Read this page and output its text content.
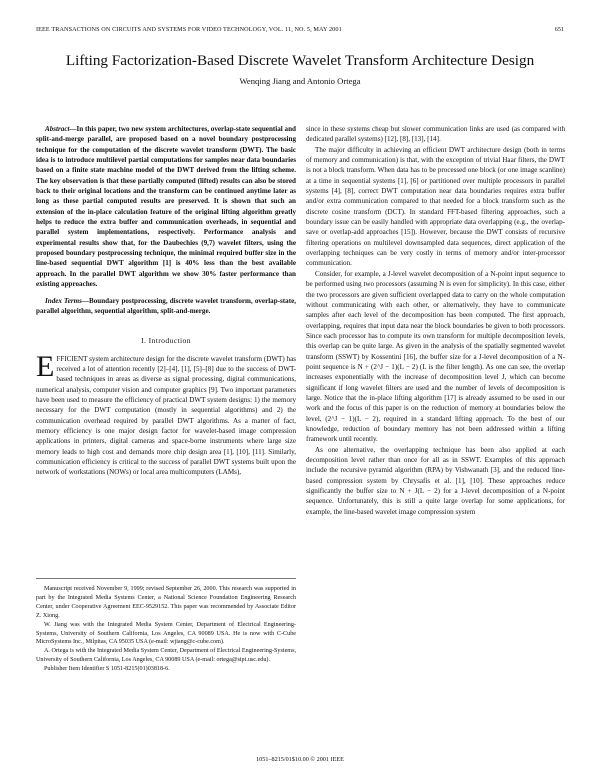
IEEE TRANSACTIONS ON CIRCUITS AND SYSTEMS FOR VIDEO TECHNOLOGY, VOL. 11, NO. 5, MAY 2001	651
Lifting Factorization-Based Discrete Wavelet Transform Architecture Design
Wenqing Jiang and Antonio Ortega

Abstract—In this paper, two new system architectures, overlap-state sequential and split-and-merge parallel, are proposed based on a novel boundary postprocessing technique for the computation of the discrete wavelet transform (DWT). The basic idea is to introduce multilevel partial computations for samples near data boundaries based on a finite state machine model of the DWT derived from the lifting scheme. The key observation is that these partially computed (lifted) results can also be stored back to their original locations and the transform can be continued anytime later as long as these partial computed results are preserved. It is shown that such an extension of the in-place calculation feature of the original lifting algorithm greatly helps to reduce the extra buffer and communication overheads, in sequential and parallel system implementations, respectively. Performance analysis and experimental results show that, for the Daubechies (9,7) wavelet filters, using the proposed boundary postprocessing technique, the minimal required buffer size in the line-based sequential DWT algorithm [1] is 40% less than the best available approach. In the parallel DWT algorithm we show 30% faster performance than existing approaches.

Index Terms—Boundary postprocessing, discrete wavelet transform, overlap-state, parallel algorithm, sequential algorithm, split-and-merge.

I. Introduction

EFFICIENT system architecture design for the discrete wavelet transform (DWT) has received a lot of attention recently [2]–[4], [1], [5]–[8] due to the success of DWT-based techniques in areas as diverse as signal processing, digital communications, numerical analysis, computer vision and computer graphics [9]. Two important parameters have been used to measure the efficiency of practical DWT system designs: 1) the memory necessary for the DWT computation (mostly in sequential algorithms) and 2) the communication overhead required by parallel DWT algorithms. As a matter of fact, memory efficiency is one major design factor for wavelet-based image compression applications in printers, digital cameras and space-borne instruments where large size memory leads to high cost and demands more chip design area [1], [10], [11]. Similarly, communication efficiency is critical to the success of parallel DWT systems built upon the network of workstations (NOWs) or local area multicomputers (LAMs),

Manuscript received November 9, 1999; revised September 26, 2000. This research was supported in part by the Integrated Media Systems Center, a National Science Foundation Engineering Research Center, under Cooperative Agreement EEC-9529152. This paper was recommended by Associate Editor Z. Xiong.

W. Jiang was with the Integrated Media System Center, Department of Electrical Engineering-Systems, University of Southern California, Los Angeles, CA 90089 USA. He is now with C-Cube MicroSystems Inc., Milpitas, CA 95035 USA (e-mail: wjiang@c-cube.com).

A. Ortega is with the Integrated Media System Center, Department of Electrical Engineering-Systems, University of Southern California, Los Angeles, CA 90089 USA (e-mail: ortega@sipi.usc.edu).

Publisher Item Identifier S 1051-8215(01)03818-6.

since in these systems cheap but slower communication links are used (as compared with dedicated parallel systems) [12], [8], [13], [14].

The major difficulty in achieving an efficient DWT architecture design (both in terms of memory and communication) is that, with the exception of trivial Haar filters, the DWT is not a block transform. When data has to be processed one block (or one image scanline) at a time in sequential systems [1], [6] or partitioned over multiple processors in parallel systems [4], [8], correct DWT computation near data boundaries requires extra buffer and/or extra communication compared to that needed for a block transform such as the discrete cosine transform (DCT). In standard FFT-based filtering approaches, such a boundary issue can be easily handled with appropriate data overlapping (e.g., the overlap-save or overlap-add approaches [15]). However, because the DWT consists of recursive filtering operations on multilevel downsampled data sequences, direct application of the overlapping techniques can be very costly in terms of memory and/or inter-processor communication.

Consider, for example, a J-level wavelet decomposition of a N-point input sequence to be performed using two processors (assuming N is even for simplicity). In this case, either the two processors are given sufficient overlapped data to carry on the whole computation without communicating with each other, or alternatively, they have to communicate samples after each level of the decomposition has been computed. The first approach, overlapping, requires that input data near the block boundaries be given to both processors. Since each processor has to compute its own transform for multiple decomposition levels, this overlap can be quite large. As given in the analysis of the spatially segmented wavelet transform (SSWT) by Kossentini [16], the buffer size for a J-level decomposition of a N-point sequence is N + (2^J − 1)(L − 2) (L is the filter length). As one can see, the overlap increases exponentially with the increase of decomposition level J, which can become significant if long wavelet filters are used and the number of levels of decomposition is large. Notice that the in-place lifting algorithm [17] is already assumed to be used in our work and the focus of this paper is on the reduction of memory at boundaries below the level, (2^J − 1)(L − 2), required in a standard lifting approach. To the best of our knowledge, reduction of boundary memory has not been addressed within a lifting framework until recently.

As one alternative, the overlapping technique has been also applied at each decomposition level rather than once for all as in SSWT. Examples of this approach include the recursive pyramid algorithm (RPA) by Vishwanath [3], and the reduced line-based compression system by Chrysafis et al. [1], [10]. These approaches reduce significantly the buffer size to N + J(L − 2) for a J-level decomposition of a N-point sequence. Unfortunately, this is still a quite large overlap for some applications, for example, the line-based wavelet image compression system

1051–8215/01$10.00 © 2001 IEEE
